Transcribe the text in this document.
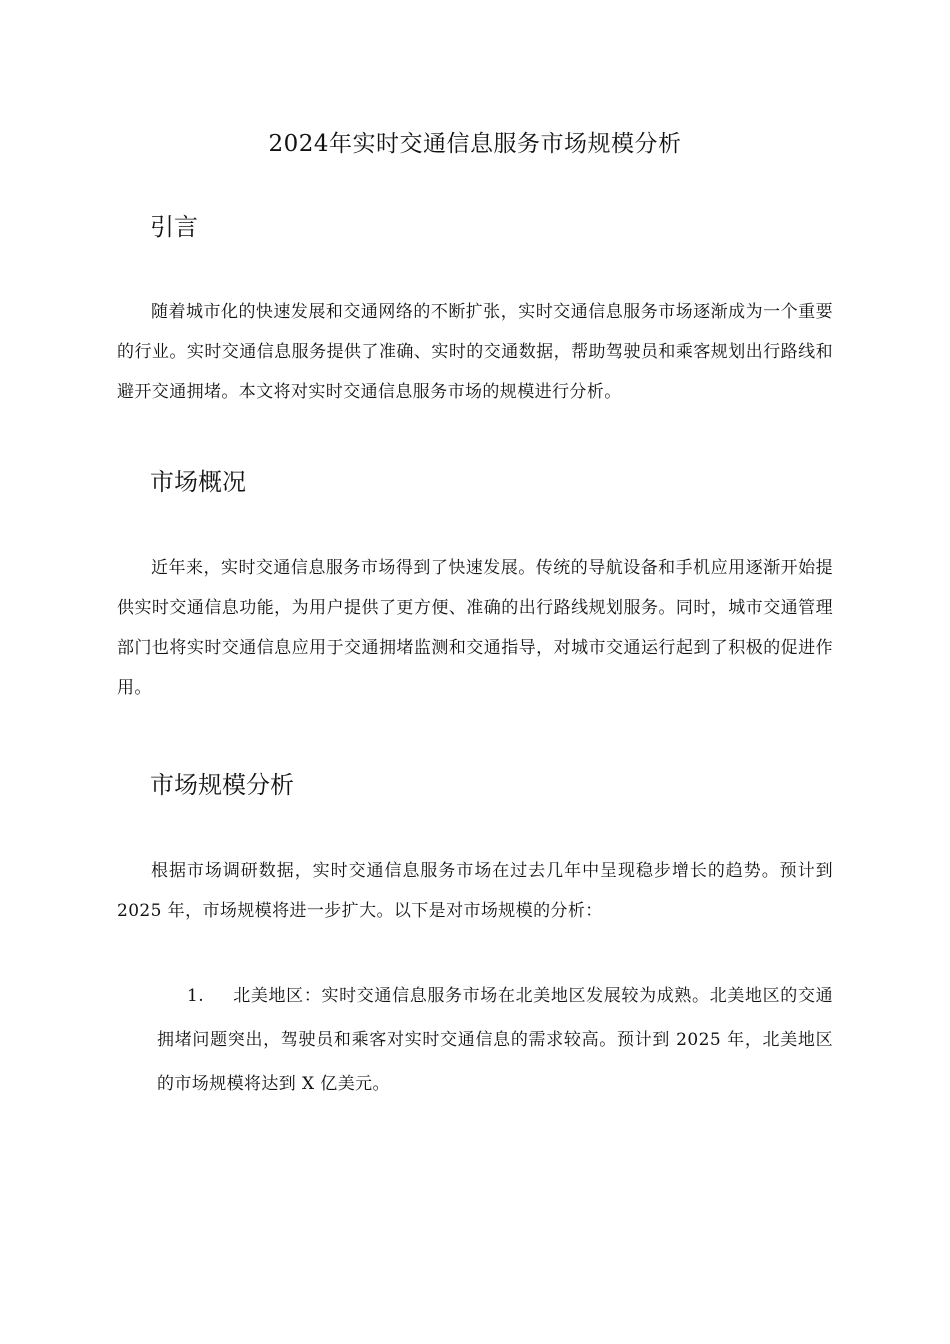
2024年实时交通信息服务市场规模分析
引言
随着城市化的快速发展和交通网络的不断扩张，实时交通信息服务市场逐渐成为一个重要的行业。实时交通信息服务提供了准确、实时的交通数据，帮助驾驶员和乘客规划出行路线和避开交通拥堵。本文将对实时交通信息服务市场的规模进行分析。
市场概况
近年来，实时交通信息服务市场得到了快速发展。传统的导航设备和手机应用逐渐开始提供实时交通信息功能，为用户提供了更方便、准确的出行路线规划服务。同时，城市交通管理部门也将实时交通信息应用于交通拥堵监测和交通指导，对城市交通运行起到了积极的促进作用。
市场规模分析
根据市场调研数据，实时交通信息服务市场在过去几年中呈现稳步增长的趋势。预计到 2025 年，市场规模将进一步扩大。以下是对市场规模的分析：
1. 北美地区：实时交通信息服务市场在北美地区发展较为成熟。北美地区的交通拥堵问题突出，驾驶员和乘客对实时交通信息的需求较高。预计到 2025 年，北美地区的市场规模将达到 X 亿美元。
